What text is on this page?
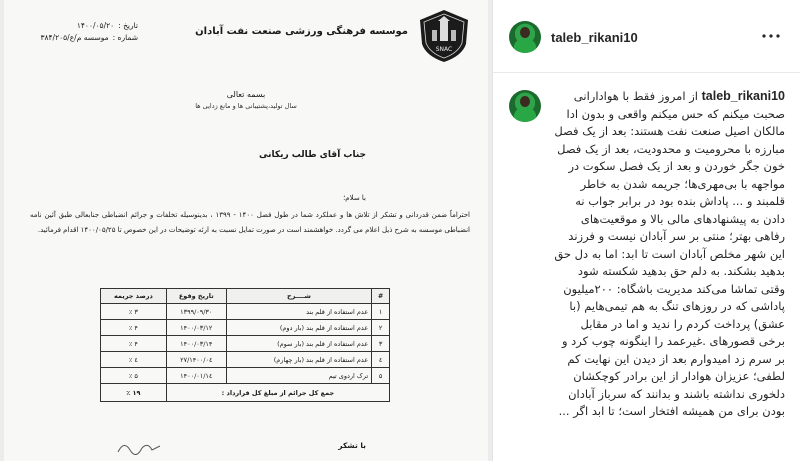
SNAC
موسسه فرهنگی ورزشی صنعت نفت آبادان
تاریخ :
۱۴۰۰/۰۵/۲۰
شماره :
موسسه م/ع/۳۸۴/۲۰۵
بسمه تعالی
سال تولید،پشتیبانی ها و مانع زدایی ها
جناب آقای طالب ریکانی
با سلام؛
احتراماً ضمن قدردانی و تشکر از تلاش ها و عملکرد شما در طول فصل ۱۴۰۰ - ۱۳۹۹ ، بدینوسیله تخلفات و جرائم انضباطی جنابعالی طبق آئین نامه انضباطی موسسه به شرح ذیل اعلام می گردد. خواهشمند است در صورت تمایل نسبت به ارئه توضیحات در این خصوص تا ۱۴۰۰/۰۵/۲۵ اقدام فرمائید.
#	شــــرح	تاریخ وقوع	درصد جریمه
۱	عدم استفاده از قلم بند	۱۳۹۹/۰۹/۳۰	۳ ٪
۲	عدم استفاده از قلم بند (بار دوم)	۱۴۰۰/۰۳/۱۲	۴ ٪
۳	عدم استفاده از قلم بند (بار سوم)	۱۴۰۰/۰۳/۱۴	۴ ٪
٤	عدم استفاده از قلم بند (بار چهارم)	۱۴۰۰/۰٤/۲۷	٤ ٪
۵	ترک اردوی تیم	۱۴۰۰/۰۱/۱٤	۵ ٪
جمع کل جرائم از مبلغ کل قرارداد :			۱۹ ٪
با تشکر
taleb_rikani10
taleb_rikani10 از امروز فقط با هوادارانی صحبت میکنم که حس میکنم واقعی و بدون ادا مالکان اصیل صنعت نفت هستند: بعد از یک فصل مبارزه با محرومیت و محدودیت، بعد از یک فصل خون جگر خوردن و بعد از یک فصل سکوت در مواجهه با بی‌مهری‌ها؛ جریمه شدن به خاطر قلمبند و ... پاداش بنده بود در برابر جواب نه دادن به پیشنهادهای مالی بالا و موقعیت‌های رفاهی بهتر؛ منتی بر سر آبادان نیست و فرزند این شهر مخلص آبادان است تا ابد: اما به دل حق بدهید بشکند. به دلم حق بدهید شکسته شود وقتی تماشا می‌کند مدیریت باشگاه: ۲۰۰میلیون پاداشی که در روزهای تنگ به هم تیمی‌هایم (با عشق) پرداخت کردم را ندید و اما در مقابل برخی قصورهای .غیرعمد را اینگونه چوب کرد و بر سرم زد امیدوارم بعد از دیدن این نهایت کم لطفی؛ عزیزان هوادار از این برادر کوچکشان دلخوری نداشته باشند و بدانند که سرباز آبادان بودن برای من همیشه افتخار است؛ تا ابد اگر ...
